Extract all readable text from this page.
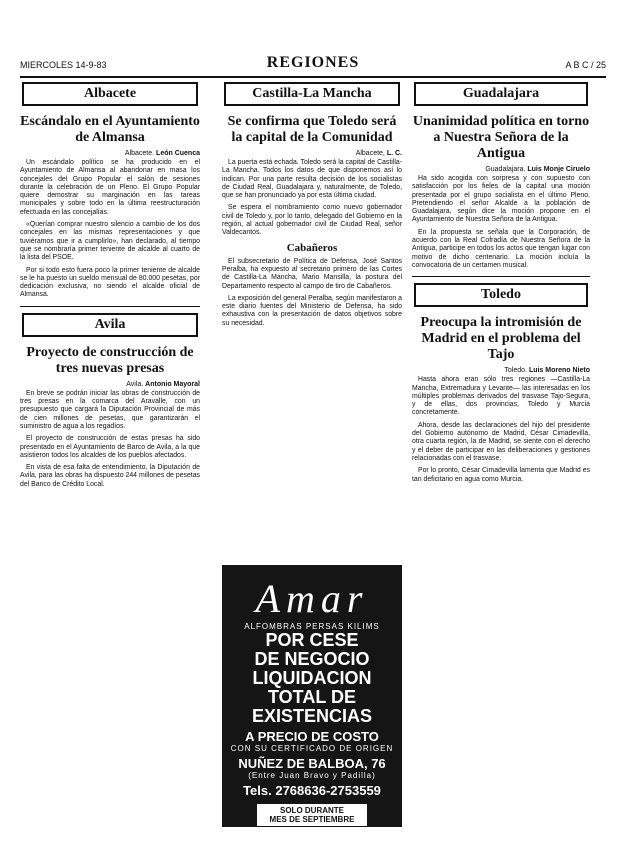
MIERCOLES 14-9-83	REGIONES	A B C / 25
Albacete
Escándalo en el Ayuntamiento de Almansa
Albacete. León Cuenca

Un escándalo político se ha producido en el Ayuntamiento de Almansa al abandonar en masa los concejales del Grupo Popular el salón de sesiones durante la celebración de un Pleno. El Grupo Popular quiere demostrar su marginación en las tareas municipales y sobre todo en la última reestructuración efectuada en las concejalías.

«Querían comprar nuestro silencio a cambio de los dos concejales en las mismas representaciones y que tuviéramos que ir a cumplirlo», han declarado, al tiempo que se nombraría primer teniente de alcalde al cuarto de la lista del PSOE.

Por si todo esto fuera poco la primer teniente de alcalde se le ha puesto un sueldo mensual de 80.000 pesetas, por dedicación exclusiva, no siendo el alcalde oficial de Almansa.

Avila
Proyecto de construcción de tres nuevas presas
Avila. Antonio Mayoral

En breve se podrán iniciar las obras de construcción de tres presas en la comarca del Aravalle, con un presupuesto que cargará la Diputación Provincial de más de cien millones de pesetas, que garantizarán el suministro de agua a los regadíos.

El proyecto de construcción de estas presas ha sido presentado en el Ayuntamiento de Barco de Avila, a la que asistieron todos los alcaldes de los pueblos afectados.

En vista de esa falta de entendimiento, la Diputación de Avila, para las obras ha dispuesto 244 millones de pesetas del Banco de Crédito Local.

Castilla-La Mancha
Se confirma que Toledo será la capital de la Comunidad
Albacete, L. C.

La puerta está echada. Toledo será la capital de Castilla-La Mancha. Todos los datos de que disponemos así lo indican. Por una parte resulta decisión de los socialistas de Ciudad Real, Guadalajara y, naturalmente, de Toledo, que se han pronunciado ya por esta última ciudad.

Se espera el nombramiento como nuevo gobernador civil de Toledo y, por lo tanto, delegado del Gobierno en la región, al actual gobernador civil de Ciudad Real, señor Valdecantos.

Cabañeros

El subsecretario de Política de Defensa, José Santos Peralba, ha expuesto al secretario primero de las Cortes de Castilla-La Mancha, Mario Mansilla, la postura del Departamento respecto al campo de tiro de Cabañeros.

La exposición del general Peralba, según manifestaron a este diario fuentes del Ministerio de Defensa, ha sido exhaustiva con la presentación de datos objetivos sobre su necesidad.

Amar
ALFOMBRAS PERSAS KILIMS
POR CESE
DE NEGOCIO
LIQUIDACION
TOTAL DE
EXISTENCIAS
A PRECIO DE COSTO
CON SU CERTIFICADO DE ORIGEN
NUÑEZ DE BALBOA, 76
(Entre Juan Bravo y Padilla)
Tels. 2768636-2753559
SOLO DURANTE
MES DE SEPTIEMBRE
Guadalajara
Unanimidad política en torno a Nuestra Señora de la Antigua
Guadalajara. Luis Monje Ciruelo

Ha sido acogida con sorpresa y con supuesto con satisfacción por los fieles de la capital una moción presentada por el grupo socialista en el último Pleno. Pretendiendo el señor Alcalde a la población de Guadalajara, según dice la moción propone en el Ayuntamiento de Nuestra Señora de la Antigua.

En la propuesta se señala que la Corporación, de acuerdo con la Real Cofradía de Nuestra Señora de la Antigua, participe en todos los actos que tengan lugar con motivo de dicho centenario. La moción incluía la convocatoria de un certamen musical.

Toledo
Preocupa la intromisión de Madrid en el problema del Tajo
Toledo. Luis Moreno Nieto

Hasta ahora eran sólo tres regiones —Castilla-La Mancha, Extremadura y Levante— las interesadas en los múltiples problemas derivados del trasvase Tajo-Segura, y de ellas, dos provincias, Toledo y Murcia concretamente.

Ahora, desde las declaraciones del hijo del presidente del Gobierno autónomo de Madrid, César Cimadevilla, otra cuarta región, la de Madrid, se siente con el derecho y el deber de participar en las deliberaciones y gestiones relacionadas con el trasvase.

Por lo pronto, César Cimadevilla lamenta que Madrid es tan deficitario en agua como Murcia.
